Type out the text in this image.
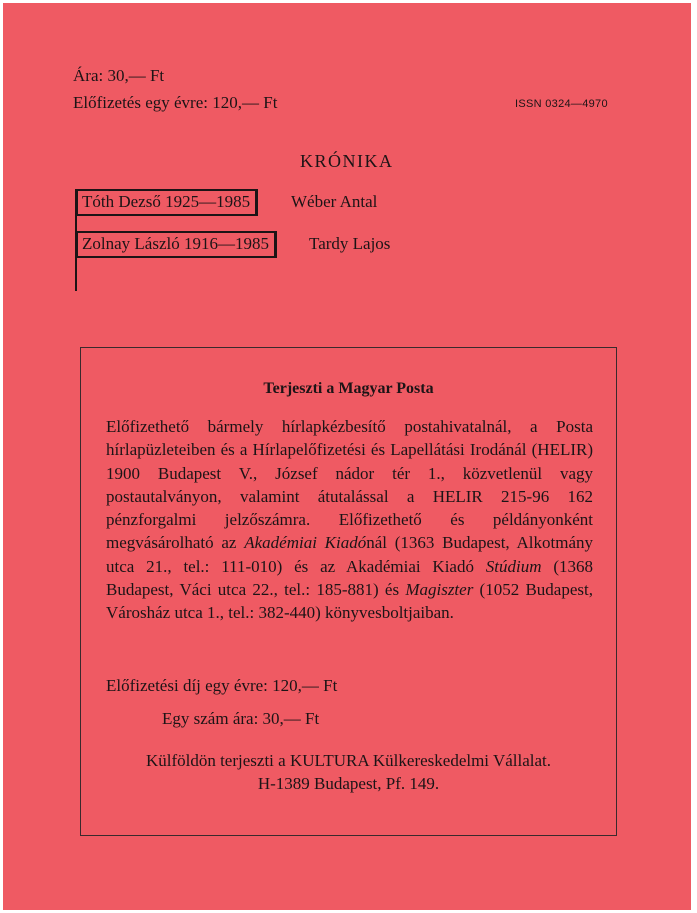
Ára: 30,— Ft
Előfizetés egy évre: 120,— Ft	ISSN 0324—4970
KRÓNIKA
Tóth Dezső 1925—1985	Wéber Antal
Zolnay László 1916—1985	Tardy Lajos
Terjeszti a Magyar Posta
Előfizethető bármely hírlapkézbesítő postahivatalnál, a Posta hírlapüzleteiben és a Hírlapelőfizetési és Lapellátási Irodánál (HELIR) 1900 Budapest V., József nádor tér 1., közvetlenül vagy postautalványon, valamint átutalással a HELIR 215-96 162 pénzforgalmi jelzőszámra. Előfizethető és példányonként megvásárolható az Akadémiai Kiadónál (1363 Budapest, Alkotmány utca 21., tel.: 111-010) és az Akadémiai Kiadó Stúdium (1368 Budapest, Váci utca 22., tel.: 185-881) és Magiszter (1052 Budapest, Városház utca 1., tel.: 382-440) könyvesboltjaiban.
Előfizetési díj egy évre: 120,— Ft
Egy szám ára: 30,— Ft
Külföldön terjeszti a KULTURA Külkereskedelmi Vállalat.
H-1389 Budapest, Pf. 149.
